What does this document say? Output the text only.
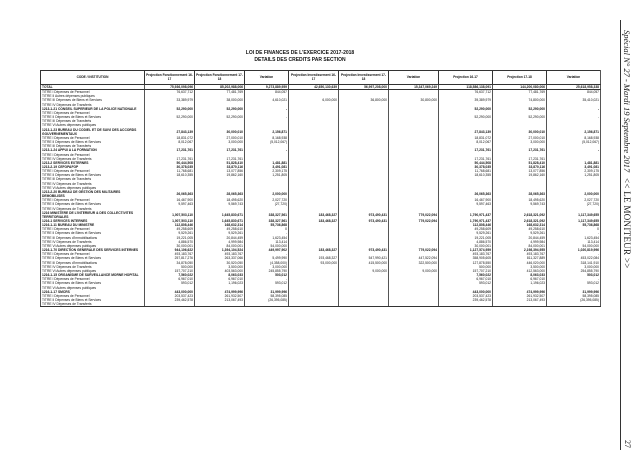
LOI DE FINANCES DE L'EXERCICE 2017-2018
DETAILS DES CREDITS PAR SECTION
CODE / INSTITUTION	Projection Fonctionnement 16-17	Projection Fonctionnement 17-18	Variation	Projection Investissement 16-17	Projection Investissement 17-18	Variation	Projection 16-17	Projection 17-18	Variation
TOTAL	75,936,098,096	85,202,988,006	9,273,889,959	42,650,130,639	56,997,208,000	15,347,069,249	118,586,138,091	144,200,080,006	25,618,958,338
TITRE I Dépenses de Personnel	76,637,712	77,481,769	844,057				76,637,712	77,481,769	844,057
TITRE II Autres dépenses publiques									
TITRE III Dépenses de Biens et Services	33,389,979	38,000,000	4,610,021	6,000,000	36,800,000	30,800,000	39,389,979	74,800,000	35,410,021
TITRE IV Dépenses de Transferts									
1213-1-21 CONSEIL SUPERIEUR DE LA POLICE NATIONALE	52,290,000	52,290,000	-				52,290,000	52,290,000	-
TITRE I Dépenses de Personnel									
TITRE II Dépenses de Biens et Services	52,290,000	52,290,000	-				52,290,000	52,290,000	-
TITRE III Dépenses de Transferts									
TITRE VI Autres dépenses publiques									
1213-1-23 BUREAU DU CODIEL ET DE SUIVI DES ACCORDS GOUVERNEMENTAUX	27,843,139	30,000,010	2,156,871				27,843,139	30,000,010	2,156,871
TITRE I Dépenses de Personnel	18,831,072	27,000,010	8,168,938				18,831,072	27,000,010	8,168,938
TITRE II Dépenses de Biens et Services	8,012,067	3,000,000	(5,012,067)				8,012,067	3,000,000	(5,012,067)
TITRE III Dépenses de Transferts									
1213-1-24 APPUI A LA FORMATION	17,231,761	17,231,761	-				17,231,761	17,231,761	-
TITRE I Dépenses de Personnel									
TITRE IV Dépenses de Transferts	17,231,761	17,231,761					17,231,761	17,231,761	
1213-2 SERVICES EXTERNES	50,444,508	51,828,410	1,481,881				50,444,508	51,828,410	1,481,881
1213-2-19 CEFOPAFOP	30,378,035	33,870,116	3,491,081				30,378,035	33,870,116	3,491,081
TITRE I Dépenses de Personnel	11,768,681	13,077,856	2,309,175				11,768,681	13,077,856	2,309,175
TITRE II Dépenses de Biens et Services	18,610,355	19,862,160	1,251,805				18,610,355	19,862,160	1,251,805
TITRE III Dépenses de Transferts									
TITRE IV Dépenses de Transferts									
TITRE VI Autres dépenses publiques									
1213-2-20 BUREAU DE GESTION DES MILITAIRES DEMOBILISES	26,065,363	28,065,363	2,000,000				26,065,363	28,065,363	2,000,000
TITRE I Dépenses de Personnel	16,467,900	18,495,620	2,027,720				16,467,900	18,495,620	2,027,720
TITRE II Dépenses de Biens et Services	9,597,463	9,569,743	(27,720)				9,597,463	9,569,743	(27,720)
TITRE IV Dépenses de Transferts									
1216 MINISTERE DE L'INTERIEUR & DES COLLECTIVITES TERRITORIALES	1,007,503,110	1,645,830,671	338,327,561	183,468,327	973,490,431	779,022,094	1,790,971,437	2,618,321,092	1,117,349,655
1216-1 SERVICES INTERNES	1,007,503,110	1,645,830,671	338,327,561	183,468,327	973,490,431	779,022,094	1,790,971,437	2,618,321,092	1,117,349,655
1216-1-11 BUREAU DU MINISTRE	112,808,446	168,632,314	55,736,868				112,808,446	168,632,314	55,736,868
TITRE I Dépenses de Personnel	49,258,609	49,258,610	0				49,258,609	49,258,610	0
TITRE II Dépenses de Biens et Services	9,529,261	9,529,261	-				9,529,261	9,529,261	-
TITRE III Dépenses d'Immobilisations	19,221,005	20,844,459	1,623,454				19,221,005	20,844,459	1,623,454
TITRE IV Dépenses de Transferts	4,886,570	4,999,984	113,414				4,886,570	4,999,984	113,414
TITRE VI Autres dépenses publiques	30,000,001	84,000,001	54,000,000				30,000,001	84,000,001	54,000,000
1216-1-70 DIRECTION GENERALE DES SERVICES INTERNES	944,106,622	1,394,104,524	449,997,902	183,468,327	973,490,431	779,022,094	1,127,574,959	2,198,394,955	1,020,819,996
TITRE I Dépenses de Personnel	493,183,767	493,183,767	-				493,183,767	493,183,767	-
TITRE II Dépenses de Biens et Services	257,817,276	263,337,066	5,499,990	193,468,327	547,990,421	447,522,094	358,905,605	811,327,889	453,022,084
TITRE III Dépenses d'Immobilisations	34,878,050	30,520,050	(4,358,000)	93,000,000	415,500,000	322,500,000	127,878,550	446,020,000	318,141,910
TITRE IV Dépenses de Transferts	500,000	3,500,000	3,000,000				500,000	3,500,000	3,000,000
TITRE VI Autres dépenses publiques	157,707,210	403,563,000	245,855,790		9,000,000	9,000,000	157,707,210	412,563,000	254,855,790
1216-1-15 ORGANISME DE SURVEILLANCE MORNE HOPITAL	7,560,022	8,063,033	503,012				7,560,022	8,063,033	503,012
TITRE I Dépenses de Personnel	6,967,010	6,967,010	-				6,967,010	6,967,010	-
TITRE II Dépenses de Biens et Services	593,012	1,196,023	593,012				593,012	1,196,023	593,012
TITRE VI Autres dépenses publiques									
1216-1-17 SMCRS	443,000,000	474,999,996	31,999,996				443,000,000	474,999,996	31,999,996
TITRE I Dépenses de Personnel	203,537,423	261,932,507	58,395,085				203,537,423	261,932,507	58,395,085
TITRE II Dépenses de Biens et Services	239,462,578	213,067,493	(26,395,085)				239,462,578	213,067,493	(26,395,085)
TITRE IV Dépenses de Transferts									
Spécial N° 27 - Mardi 19 Septembre 2017
<< LE MONITEUR >>
27
